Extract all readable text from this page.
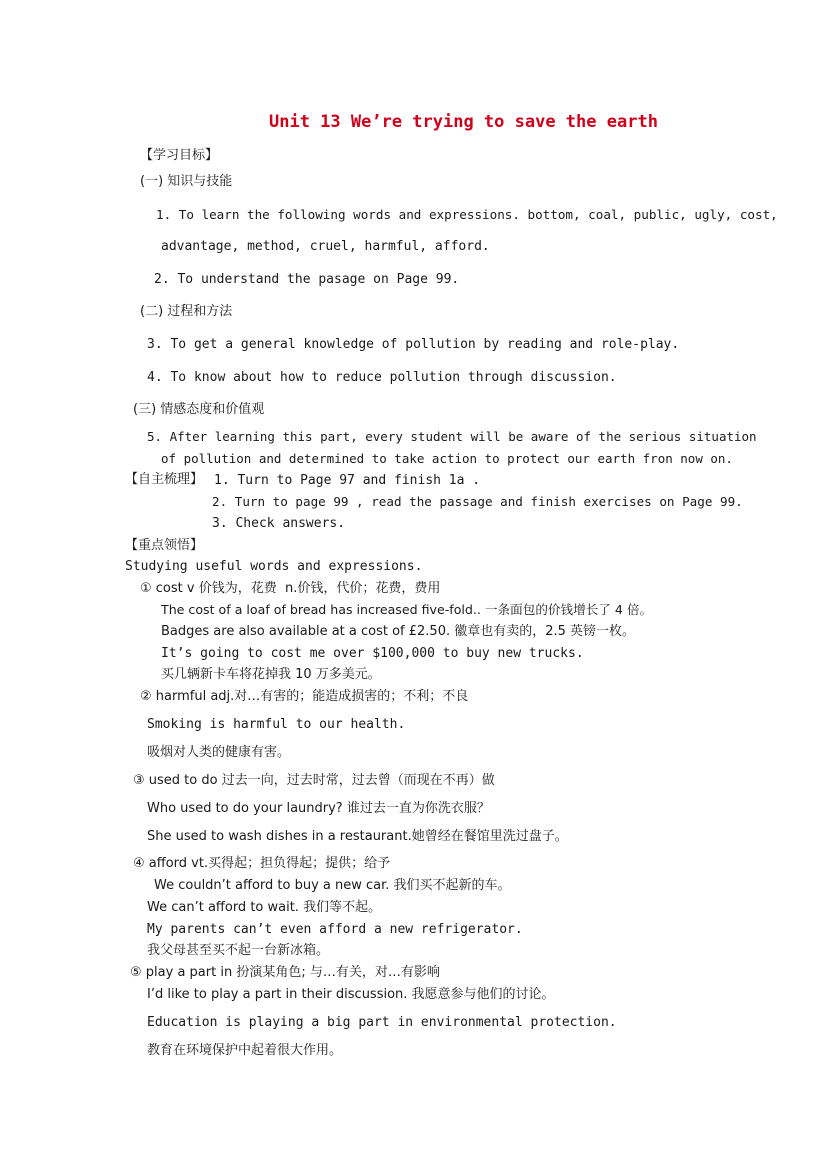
Unit 13 We’re trying to save the earth
【学习目标】
(一) 知识与技能
1. To learn the following words and expressions. bottom, coal, public, ugly, cost,
advantage, method, cruel, harmful, afford.
2. To understand the pasage on Page 99.
(二) 过程和方法
3. To get a general knowledge of pollution by reading and role-play.
4. To know about how to reduce pollution through discussion.
(三) 情感态度和价值观
5. After learning this part, every student will be aware of the serious situation
of pollution and determined to take action to protect our earth fron now on.
【自主梳理】 1. Turn to Page 97 and finish 1a .
2. Turn to page 99 , read the passage and finish exercises on Page 99.
3. Check answers.
【重点领悟】
Studying useful words and expressions.
① cost v 价钱为，花费  n.价钱，代价；花费，费用
The cost of a loaf of bread has increased five-fold.. 一条面包的价钱增长了 4 倍。
Badges are also available at a cost of £2.50. 徽章也有卖的，2.5 英镑一枚。
It’s going to cost me over $100,000 to buy new trucks.
买几辆新卡车将花掉我 10 万多美元。
② harmful adj.对…有害的；能造成损害的；不利；不良
Smoking is harmful to our health.
吸烟对人类的健康有害。
③ used to do 过去一向，过去时常，过去曾（而现在不再）做
Who used to do your laundry? 谁过去一直为你洗衣服？
She used to wash dishes in a restaurant.她曾经在餐馆里洗过盘子。
④ afford vt.买得起；担负得起；提供；给予
We couldn’t afford to buy a new car. 我们买不起新的车。
We can’t afford to wait. 我们等不起。
My parents can’t even afford a new refrigerator.
我父母甚至买不起一台新冰箱。
⑤ play a part in 扮演某角色; 与…有关，对…有影响
I’d like to play a part in their discussion. 我愿意参与他们的讨论。
Education is playing a big part in environmental protection.
教育在环境保护中起着很大作用。
